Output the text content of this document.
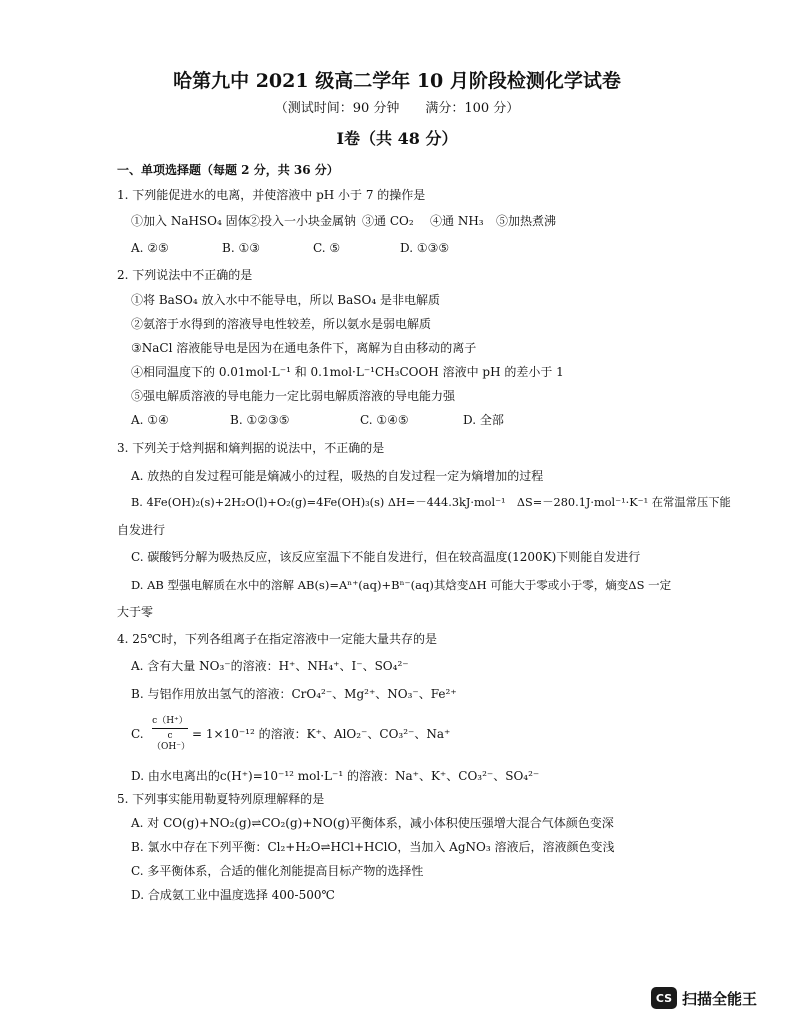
哈第九中 2021 级高二学年 10 月阶段检测化学试卷
（测试时间：90 分钟　　满分：100 分）
Ⅰ卷（共 48 分）
一、单项选择题（每题 2 分，共 36 分）
1. 下列能促进水的电离，并使溶液中 pH 小于 7 的操作是
①加入 NaHSO₄ 固体
②投入一小块金属钠 ③通 CO₂ ④通 NH₃ ⑤加热煮沸
A. ②⑤	B. ①③	C. ⑤	D. ①③⑤
2. 下列说法中不正确的是
①将 BaSO₄ 放入水中不能导电，所以 BaSO₄ 是非电解质
②氨溶于水得到的溶液导电性较差，所以氨水是弱电解质
③NaCl 溶液能导电是因为在通电条件下，离解为自由移动的离子
④相同温度下的 0.01mol·L⁻¹ 和 0.1mol·L⁻¹CH₃COOH 溶液中 pH 的差小于 1
⑤强电解质溶液的导电能力一定比弱电解质溶液的导电能力强
A. ①④	B. ①②③⑤	C. ①④⑤	D. 全部
3. 下列关于焓判据和熵判据的说法中，不正确的是
A. 放热的自发过程可能是熵减小的过程，吸热的自发过程一定为熵增加的过程
B. 4Fe(OH)₂(s)+2H₂O(l)+O₂(g)=4Fe(OH)₃(s) ΔH=－444.3kJ·mol⁻¹　ΔS=－280.1J·mol⁻¹·K⁻¹ 在常温常压下能
自发进行
C. 碳酸钙分解为吸热反应，该反应室温下不能自发进行，但在较高温度(1200K)下则能自发进行
D. AB 型强电解质在水中的溶解 AB(s)=Aⁿ⁺(aq)+Bⁿ⁻(aq)其焓变ΔH 可能大于零或小于零，熵变ΔS 一定
大于零
4. 25℃时，下列各组离子在指定溶液中一定能大量共存的是
A. 含有大量 NO₃⁻的溶液：H⁺、NH₄⁺、I⁻、SO₄²⁻
B. 与铝作用放出氢气的溶液：CrO₄²⁻、Mg²⁺、NO₃⁻、Fe²⁺
C.
c（H⁺）
c（OH⁻）
= 1×10⁻¹² 的溶液：K⁺、AlO₂⁻、CO₃²⁻、Na⁺
D. 由水电离出的c(H⁺)=10⁻¹² mol·L⁻¹ 的溶液：Na⁺、K⁺、CO₃²⁻、SO₄²⁻
5. 下列事实能用勒夏特列原理解释的是
A. 对 CO(g)+NO₂(g)⇌CO₂(g)+NO(g)平衡体系，减小体积使压强增大混合气体颜色变深
B. 氯水中存在下列平衡：Cl₂+H₂O⇌HCl+HClO，当加入 AgNO₃ 溶液后，溶液颜色变浅
C. 多平衡体系，合适的催化剂能提高目标产物的选择性
D. 合成氨工业中温度选择 400-500℃
CS 扫描全能王
